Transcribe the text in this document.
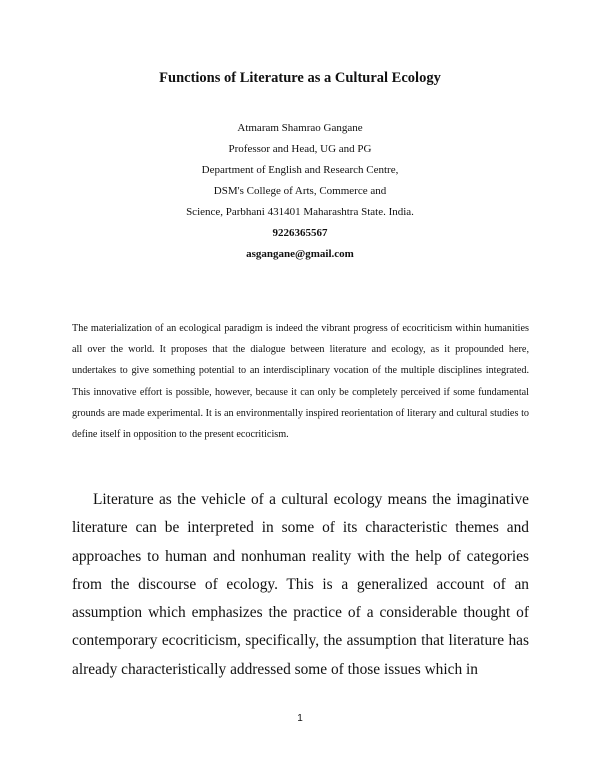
Functions of Literature as a Cultural Ecology
Atmaram Shamrao Gangane
Professor and Head, UG and PG
Department of English and Research Centre,
DSM's College of Arts, Commerce and
Science, Parbhani 431401 Maharashtra State. India.
9226365567
asgangane@gmail.com

The materialization of an ecological paradigm is indeed the vibrant progress of ecocriticism within humanities all over the world. It proposes that the dialogue between literature and ecology, as it propounded here, undertakes to give something potential to an interdisciplinary vocation of the multiple disciplines integrated. This innovative effort is possible, however, because it can only be completely perceived if some fundamental grounds are made experimental. It is an environmentally inspired reorientation of literary and cultural studies to define itself in opposition to the present ecocriticism.

Literature as the vehicle of a cultural ecology means the imaginative literature can be interpreted in some of its characteristic themes and approaches to human and nonhuman reality with the help of categories from the discourse of ecology. This is a generalized account of an assumption which emphasizes the practice of a considerable thought of contemporary ecocriticism, specifically, the assumption that literature has already characteristically addressed some of those issues which in

1
